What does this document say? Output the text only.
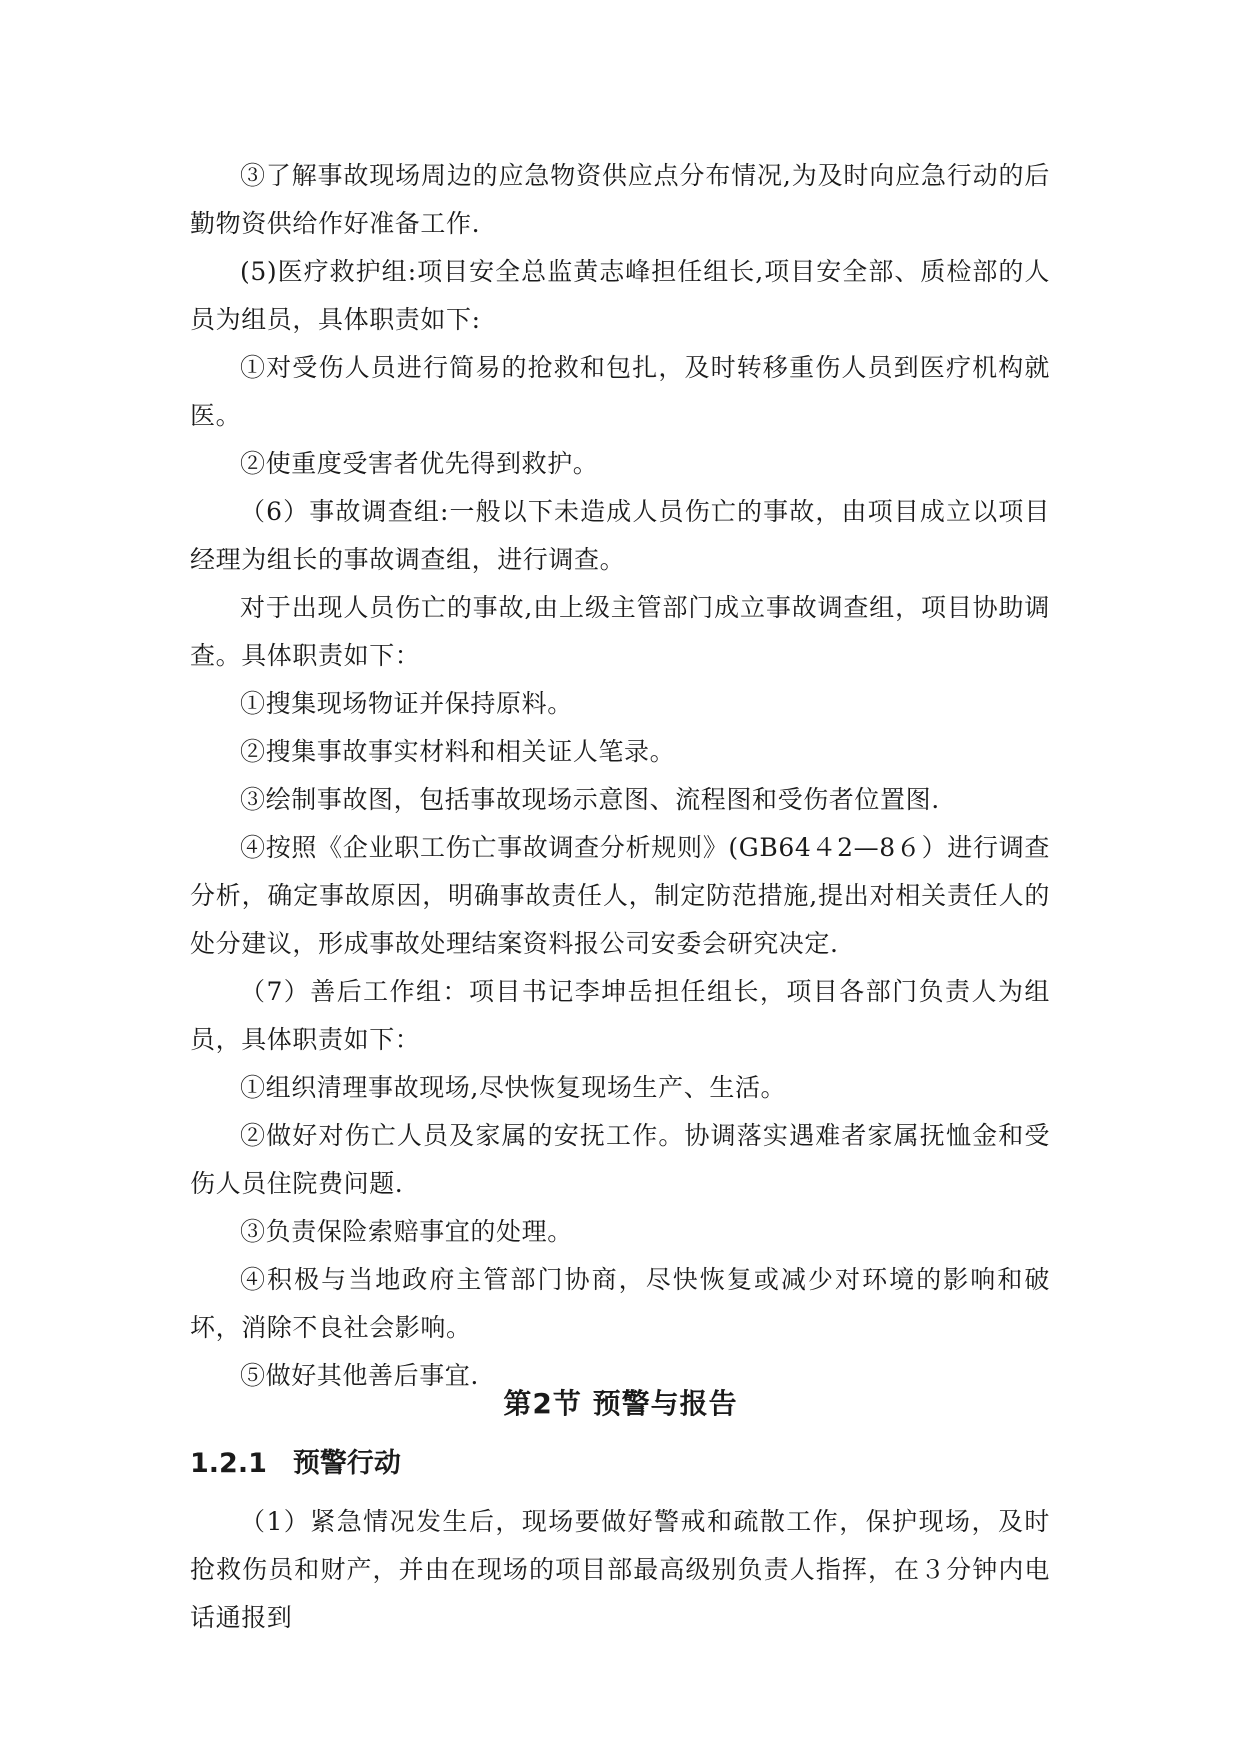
③了解事故现场周边的应急物资供应点分布情况,为及时向应急行动的后勤物资供给作好准备工作.

(5)医疗救护组:项目安全总监黄志峰担任组长,项目安全部、质检部的人员为组员，具体职责如下:

①对受伤人员进行简易的抢救和包扎，及时转移重伤人员到医疗机构就医。

②使重度受害者优先得到救护。

（6）事故调查组:一般以下未造成人员伤亡的事故，由项目成立以项目经理为组长的事故调查组，进行调查。

对于出现人员伤亡的事故,由上级主管部门成立事故调查组，项目协助调查。具体职责如下：

①搜集现场物证并保持原料。

②搜集事故事实材料和相关证人笔录。

③绘制事故图，包括事故现场示意图、流程图和受伤者位置图.

④按照《企业职工伤亡事故调查分析规则》(GB64４2—8６）进行调查分析，确定事故原因，明确事故责任人，制定防范措施,提出对相关责任人的处分建议，形成事故处理结案资料报公司安委会研究决定.

（7）善后工作组：项目书记李坤岳担任组长，项目各部门负责人为组员，具体职责如下：

①组织清理事故现场,尽快恢复现场生产、生活。

②做好对伤亡人员及家属的安抚工作。协调落实遇难者家属抚恤金和受伤人员住院费问题.

③负责保险索赔事宜的处理。

④积极与当地政府主管部门协商，尽快恢复或减少对环境的影响和破坏，消除不良社会影响。

⑤做好其他善后事宜.

第2节 预警与报告
1.2.1 预警行动

（1）紧急情况发生后，现场要做好警戒和疏散工作，保护现场，及时抢救伤员和财产，并由在现场的项目部最高级别负责人指挥，在３分钟内电话通报到
